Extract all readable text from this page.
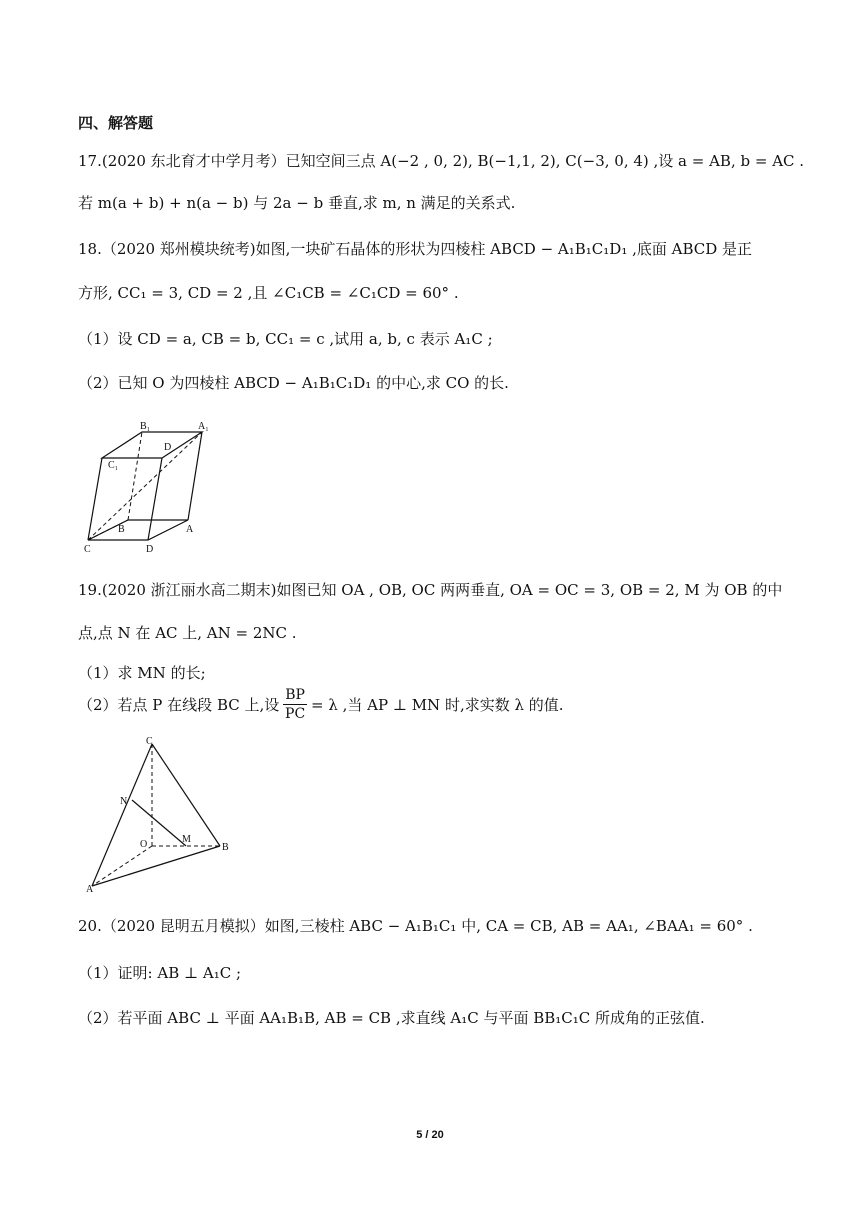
四、解答题
17.(2020 东北育才中学月考）已知空间三点 A(−2 , 0, 2), B(−1,1, 2), C(−3, 0, 4) ,设 a = AB, b = AC .
若 m(a + b) + n(a − b) 与 2a − b 垂直,求 m, n 满足的关系式.
18.（2020 郑州模块统考)如图,一块矿石晶体的形状为四棱柱 ABCD − A₁B₁C₁D₁ ,底面 ABCD 是正
方形, CC₁ = 3, CD = 2 ,且 ∠C₁CB = ∠C₁CD = 60° .
（1）设 CD = a, CB = b, CC₁ = c ,试用 a, b, c 表示 A₁C ;
（2）已知 O 为四棱柱 ABCD − A₁B₁C₁D₁ 的中心,求 CO 的长.
B₁	A₁
D
C₁
B	A
C	D
19.(2020 浙江丽水高二期末)如图已知 OA , OB, OC 两两垂直, OA = OC = 3, OB = 2, M 为 OB 的中
点,点 N 在 AC 上, AN = 2NC .
（1）求 MN 的长;
（2）若点 P 在线段 BC 上,设 $\frac{BP}{PC} = \lambda$ ,当 AP ⊥ MN 时,求实数 λ 的值.
C
N
O	M
B
A
20.（2020 昆明五月模拟）如图,三棱柱 ABC − A₁B₁C₁ 中, CA = CB, AB = AA₁, ∠BAA₁ = 60° .
（1）证明: AB ⊥ A₁C ;
（2）若平面 ABC ⊥ 平面 AA₁B₁B, AB = CB ,求直线 A₁C 与平面 BB₁C₁C 所成角的正弦值.
5 / 20
